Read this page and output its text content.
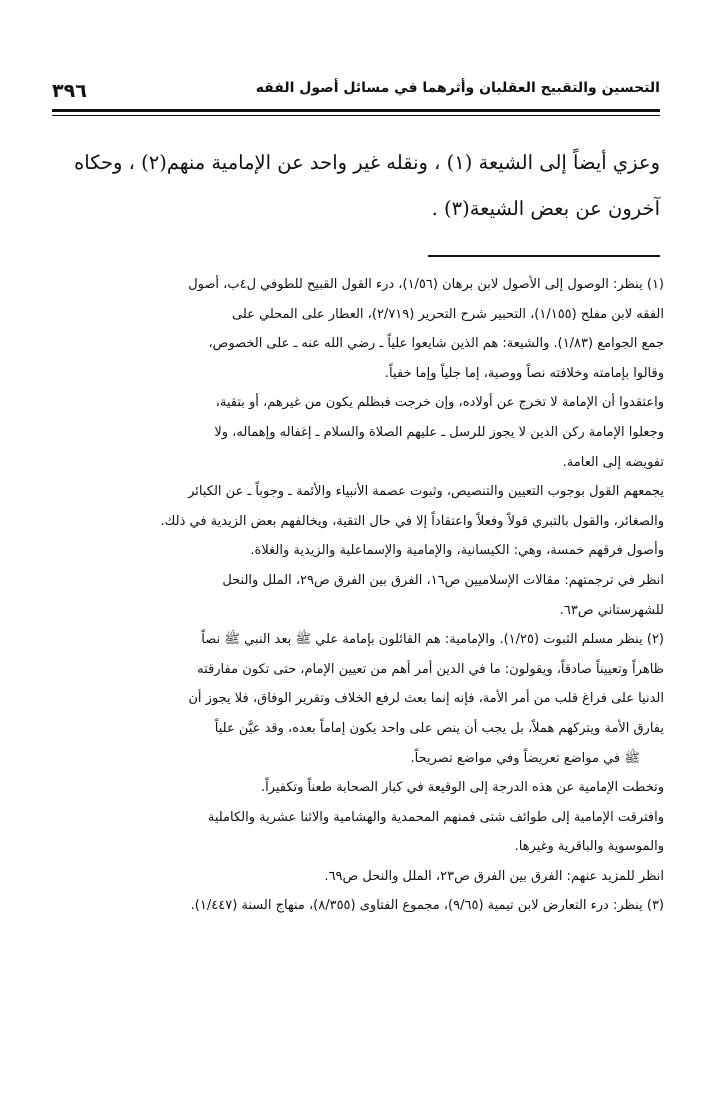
٣٩٦	التحسين والتقبيح العقليان وأثرهما في مسائل أصول الفقه
وعزي أيضاً إلى الشيعة (١) ، ونقله غير واحد عن الإمامية منهم(٢) ، وحكاه
آخرون عن بعض الشيعة(٣) .
(١) ينظر: الوصول إلى الأصول لابن برهان (١/٥٦)، درء القول القبيح للطوفي ل٤ب، أصول
الفقه لابن مفلح (١/١٥٥)، التحبير شرح التحرير (٢/٧١٩)، العطار على المحلي على
جمع الجوامع (١/٨٣). والشيعة: هم الذين شايعوا علياً ـ رضي الله عنه ـ على الخصوص،
وقالوا بإمامته وخلافته نصاً ووصية، إما جلياً وإما خفياً.
واعتقدوا أن الإمامة لا تخرج عن أولاده، وإن خرجت فبظلم يكون من غيرهم، أو بتقية،
وجعلوا الإمامة ركن الدين لا يجوز للرسل ـ عليهم الصلاة والسلام ـ إغفاله وإهماله، ولا
تفويضه إلى العامة.
يجمعهم القول بوجوب التعيين والتنصيص، وثبوت عصمة الأنبياء والأئمة ـ وجوباً ـ عن الكبائر
والصغائر، والقول بالتبري قولاً وفعلاً واعتقاداً إلا في حال التقية، ويخالفهم بعض الزيدية في ذلك.
وأصول فرقهم خمسة، وهي: الكيسانية، والإمامية والإسماعلية والزيدية والغلاة.
انظر في ترجمتهم: مقالات الإسلاميين ص١٦، الفرق بين الفرق ص٢٩، الملل والنحل
للشهرستاني ص٦٣.
(٢) ينظر مسلم الثبوت (١/٢٥). والإمامية: هم القائلون بإمامة علي ﷺ بعد النبي ﷺ نصاً
ظاهراً وتعييناً صادقاً، ويقولون: ما في الدين أمر أهم من تعيين الإمام، حتى تكون مفارقته
الدنيا على فراغ قلب من أمر الأمة، فإنه إنما بعث لرفع الخلاف وتقرير الوفاق، فلا يجوز أن
يفارق الأمة ويتركهم هملاً، بل يجب أن ينص على واحد يكون إماماً بعده، وقد عيَّن علياً
ﷺ في مواضع تعريضاً وفي مواضع تصريحاً.
وتخطت الإمامية عن هذه الدرجة إلى الوقيعة في كبار الصحابة طعناً وتكفيراً.
وافترقت الإمامية إلى طوائف شتى فمنهم المحمدية والهشامية والاثنا عشرية والكاملية
والموسوية والباقرية وغيرها.
انظر للمزيد عنهم: الفرق بين الفرق ص٢٣، الملل والنحل ص٦٩.
(٣) ينظر: درء التعارض لابن تيمية (٩/٦٥)، مجموع الفتاوى (٨/٣٥٥)، منهاج السنة (١/٤٤٧).
